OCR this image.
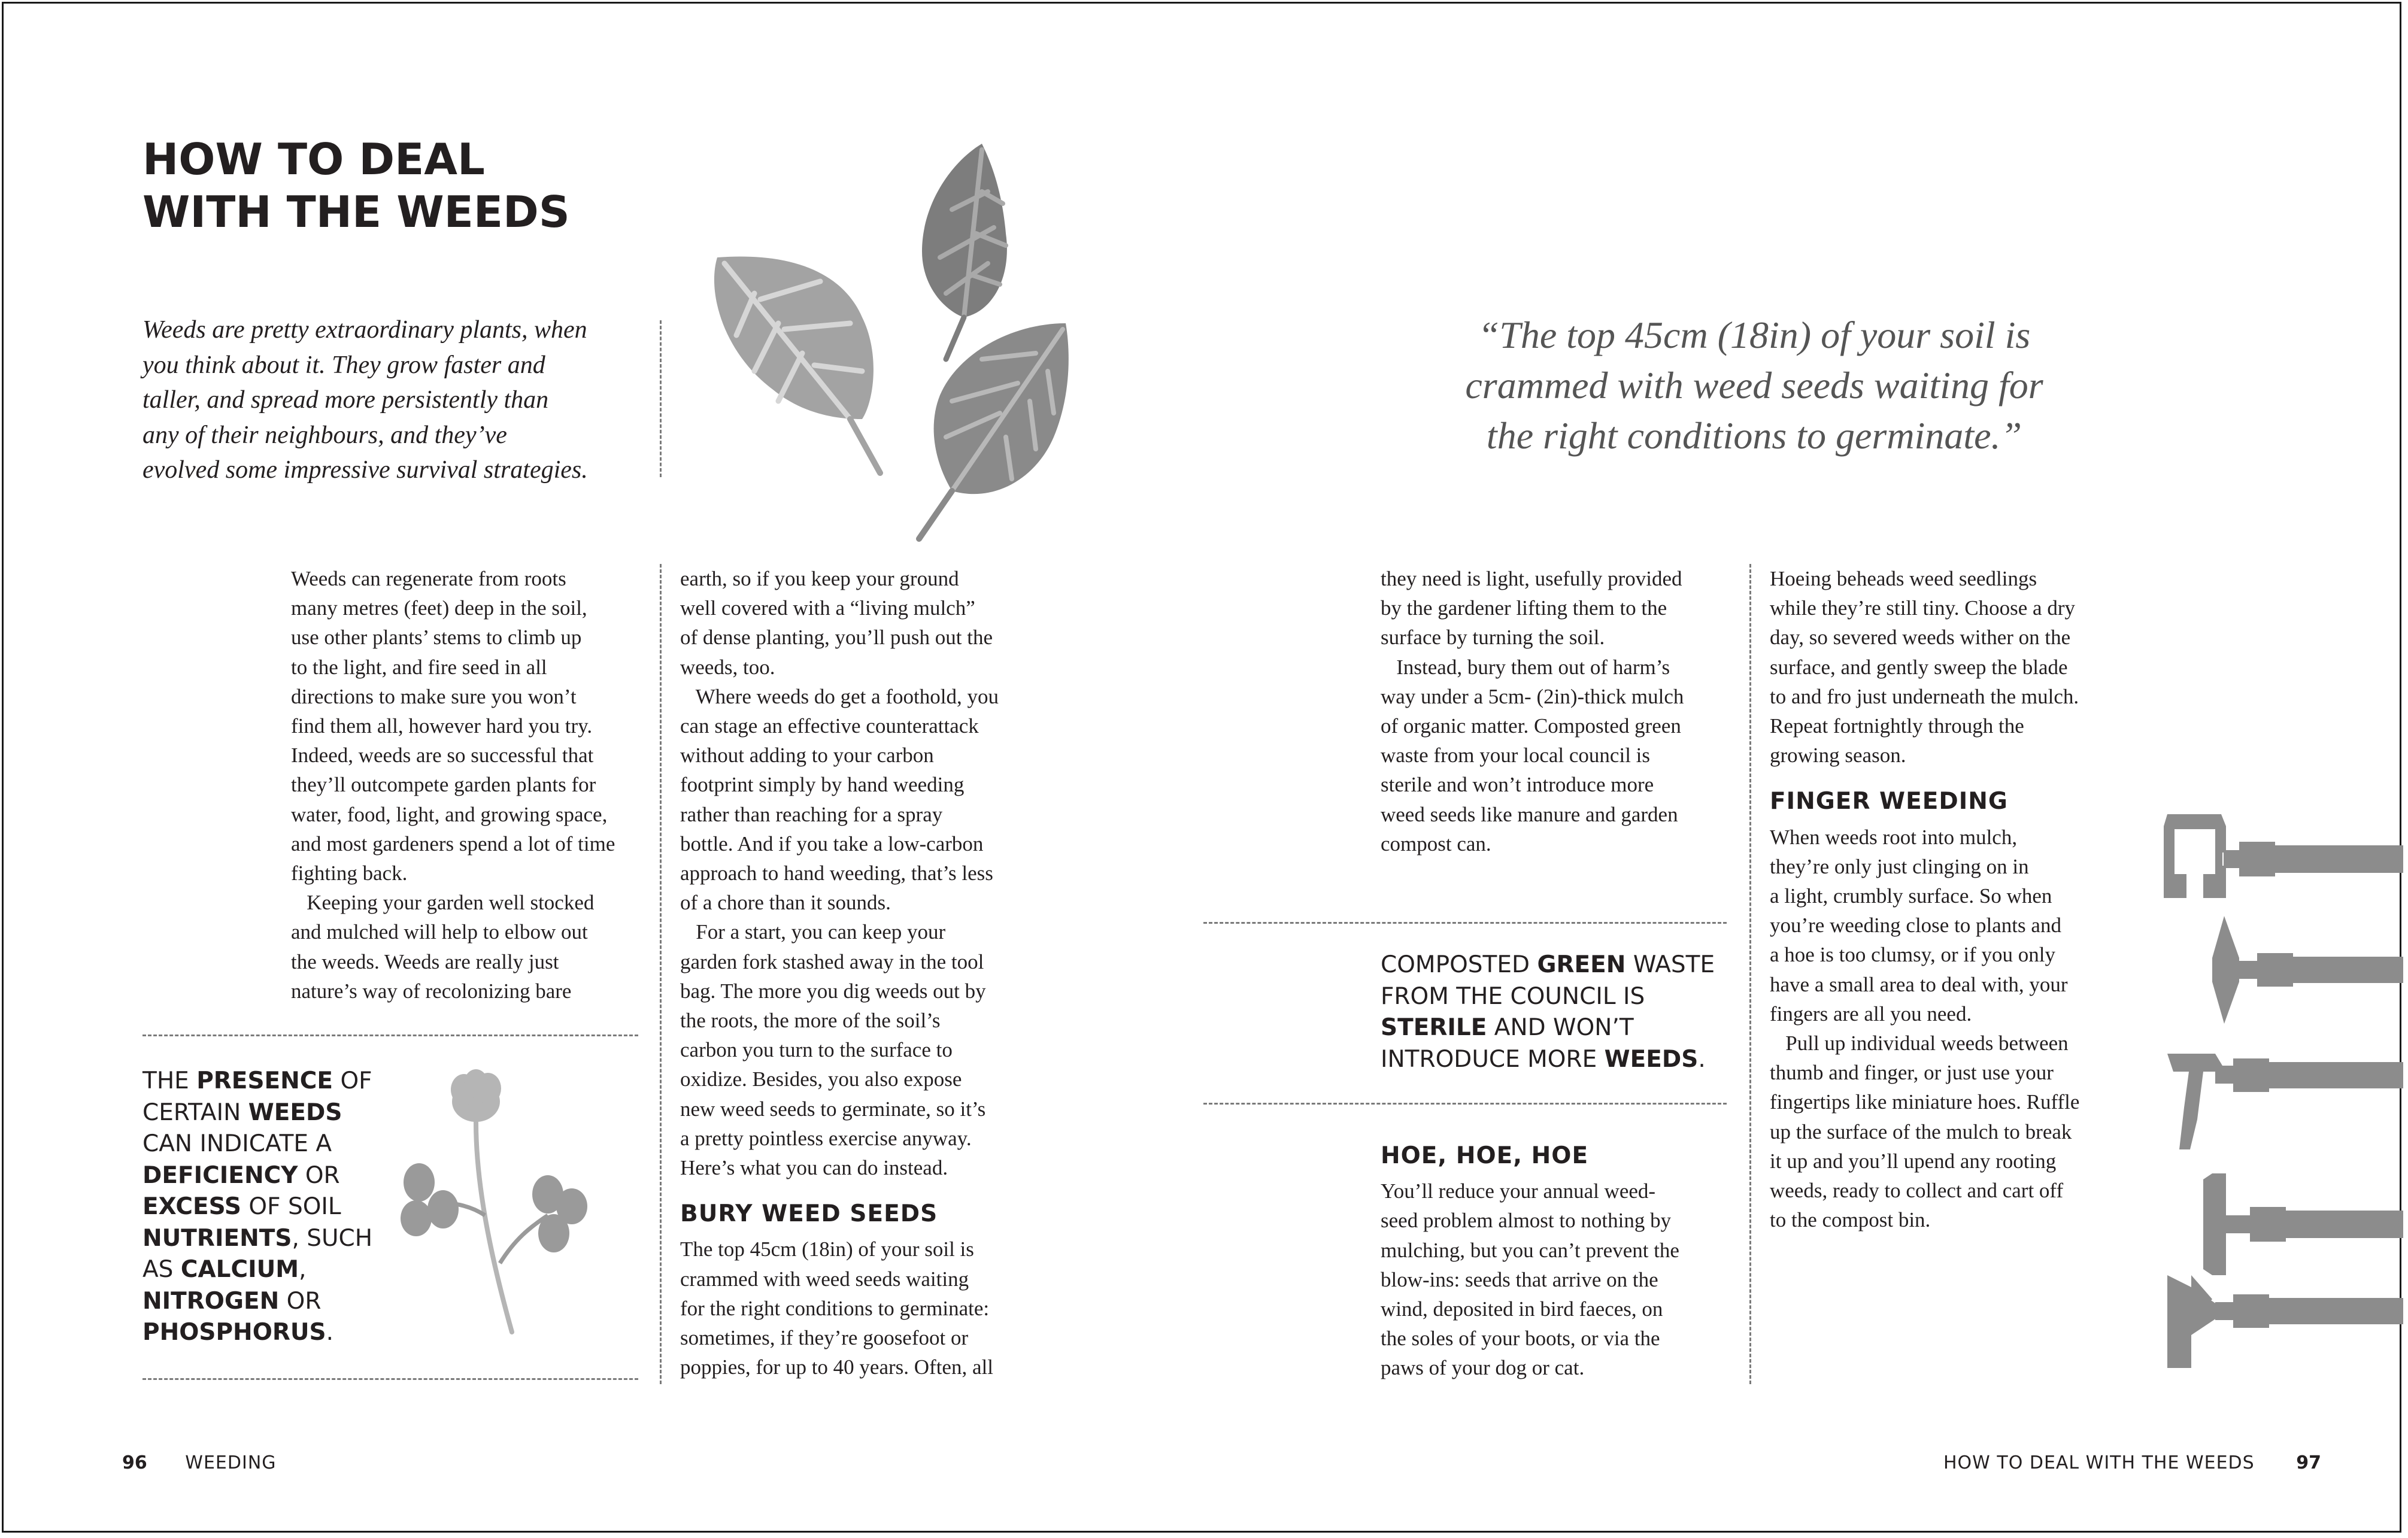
HOW TO DEAL
WITH THE WEEDS
Weeds are pretty extraordinary plants, when
you think about it. They grow faster and
taller, and spread more persistently than
any of their neighbours, and they’ve
evolved some impressive survival strategies.
Weeds can regenerate from roots
many metres (feet) deep in the soil,
use other plants’ stems to climb up
to the light, and fire seed in all
directions to make sure you won’t
find them all, however hard you try.
Indeed, weeds are so successful that
they’ll outcompete garden plants for
water, food, light, and growing space,
and most gardeners spend a lot of time
fighting back.
Keeping your garden well stocked
and mulched will help to elbow out
the weeds. Weeds are really just
nature’s way of recolonizing bare
THE PRESENCE OF
CERTAIN WEEDS
CAN INDICATE A
DEFICIENCY OR
EXCESS OF SOIL
NUTRIENTS, SUCH
AS CALCIUM,
NITROGEN OR
PHOSPHORUS.
earth, so if you keep your ground
well covered with a “living mulch”
of dense planting, you’ll push out the
weeds, too.
Where weeds do get a foothold, you
can stage an effective counterattack
without adding to your carbon
footprint simply by hand weeding
rather than reaching for a spray
bottle. And if you take a low-carbon
approach to hand weeding, that’s less
of a chore than it sounds.
For a start, you can keep your
garden fork stashed away in the tool
bag. The more you dig weeds out by
the roots, the more of the soil’s
carbon you turn to the surface to
oxidize. Besides, you also expose
new weed seeds to germinate, so it’s
a pretty pointless exercise anyway.
Here’s what you can do instead.
BURY WEED SEEDS
The top 45cm (18in) of your soil is
crammed with weed seeds waiting
for the right conditions to germinate:
sometimes, if they’re goosefoot or
poppies, for up to 40 years. Often, all
96 WEEDING
“The top 45cm (18in) of your soil is
crammed with weed seeds waiting for
the right conditions to germinate.”
they need is light, usefully provided
by the gardener lifting them to the
surface by turning the soil.
Instead, bury them out of harm’s
way under a 5cm- (2in)-thick mulch
of organic matter. Composted green
waste from your local council is
sterile and won’t introduce more
weed seeds like manure and garden
compost can.
COMPOSTED GREEN WASTE
FROM THE COUNCIL IS
STERILE AND WON’T
INTRODUCE MORE WEEDS.
HOE, HOE, HOE
You’ll reduce your annual weed-
seed problem almost to nothing by
mulching, but you can’t prevent the
blow-ins: seeds that arrive on the
wind, deposited in bird faeces, on
the soles of your boots, or via the
paws of your dog or cat.
Hoeing beheads weed seedlings
while they’re still tiny. Choose a dry
day, so severed weeds wither on the
surface, and gently sweep the blade
to and fro just underneath the mulch.
Repeat fortnightly through the
growing season.
FINGER WEEDING
When weeds root into mulch,
they’re only just clinging on in
a light, crumbly surface. So when
you’re weeding close to plants and
a hoe is too clumsy, or if you only
have a small area to deal with, your
fingers are all you need.
Pull up individual weeds between
thumb and finger, or just use your
fingertips like miniature hoes. Ruffle
up the surface of the mulch to break
it up and you’ll upend any rooting
weeds, ready to collect and cart off
to the compost bin.
HOW TO DEAL WITH THE WEEDS 97
